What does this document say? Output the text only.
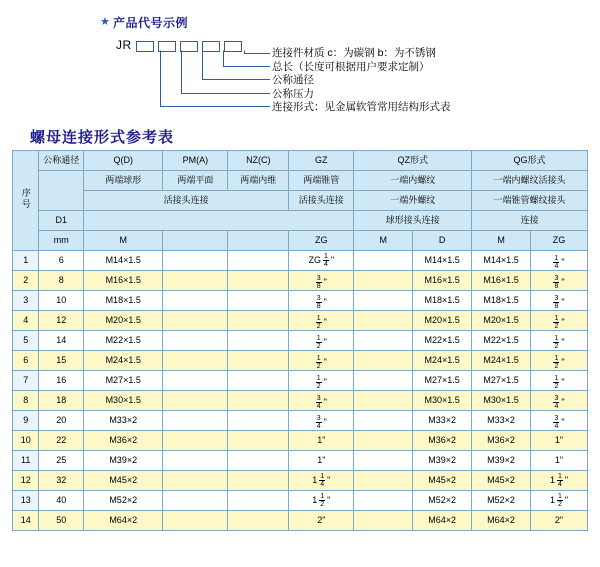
★ 产品代号示例
JR
连接件材质 c：为碳钢 b：为不锈钢
总长（长度可根据用户要求定制）
公称通径
公称压力
连接形式：见金属软管常用结构形式表
螺母连接形式参考表
序号	公称通径	Q(D)	PM(A)	NZ(C)	GZ	QZ形式		QG形式	
		两端球形	两端平面	两端内维	两端锥管	一端内螺纹		一端内螺纹活接头	
		活接头连接			活接头连接	一端外螺纹		一端锥管螺纹接头	
	D1					球形接头连接		连接	
	mm	M			ZG	M	D	M	ZG
1	6	M14×1.5			ZG $\frac{1}{4}$ "		M14×1.5	M14×1.5	$\frac{1}{4}$ "

2	8	M16×1.5			$\frac{3}{8}$ "		M16×1.5	M16×1.5	$\frac{3}{8}$ "

3	10	M18×1.5			$\frac{3}{8}$ "		M18×1.5	M18×1.5	$\frac{3}{8}$ "

4	12	M20×1.5			$\frac{1}{2}$ "		M20×1.5	M20×1.5	$\frac{1}{2}$ "

5	14	M22×1.5			$\frac{1}{2}$ "		M22×1.5	M22×1.5	$\frac{1}{2}$ "

6	15	M24×1.5			$\frac{1}{2}$ "		M24×1.5	M24×1.5	$\frac{1}{2}$ "

7	16	M27×1.5			$\frac{1}{2}$ "		M27×1.5	M27×1.5	$\frac{1}{2}$ "

8	18	M30×1.5			$\frac{3}{4}$ "		M30×1.5	M30×1.5	$\frac{3}{4}$ "

9	20	M33×2			$\frac{3}{4}$ "		M33×2	M33×2	$\frac{3}{4}$ "

10	22	M36×2			1"		M36×2	M36×2	1"
11	25	M39×2			1"		M39×2	M39×2	1"
12	32	M45×2			$1 \frac{1}{4}$ "		M45×2	M45×2	$1 \frac{1}{4}$ "

13	40	M52×2			$1 \frac{1}{2}$ "		M52×2	M52×2	$1 \frac{1}{2}$ "

14	50	M64×2			2"		M64×2	M64×2	2"
